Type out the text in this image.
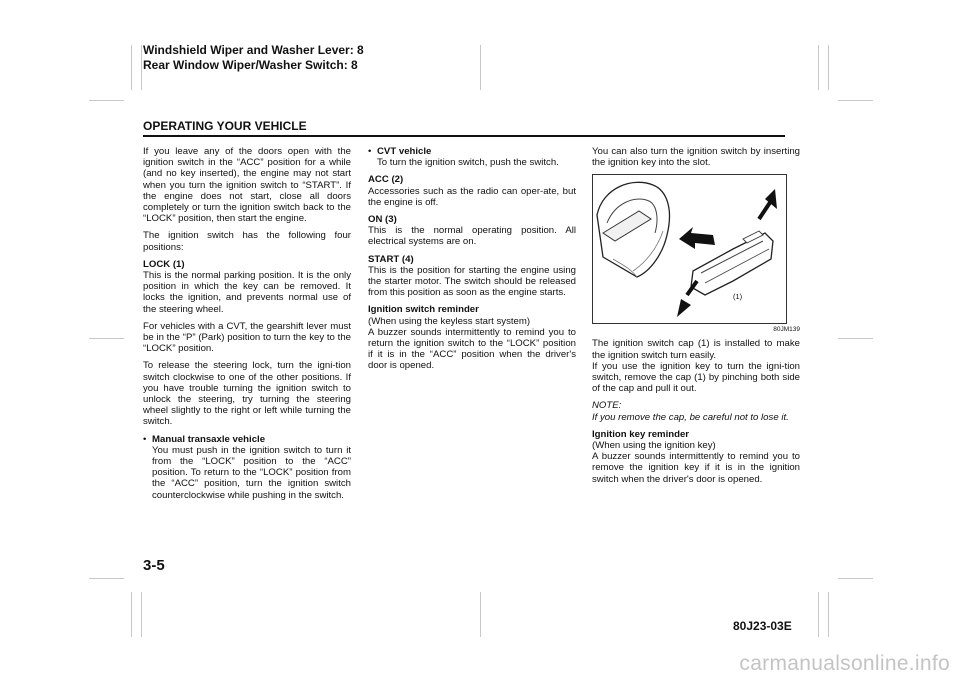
Windshield Wiper and Washer Lever: 8
Rear Window Wiper/Washer Switch: 8
OPERATING YOUR VEHICLE

If you leave any of the doors open with the ignition switch in the “ACC” position for a while (and no key inserted), the engine may not start when you turn the ignition switch to “START”. If the engine does not start, close all doors completely or turn the ignition switch back to the “LOCK” position, then start the engine.

The ignition switch has the following four positions:

LOCK (1)
This is the normal parking position. It is the only position in which the key can be removed. It locks the ignition, and prevents normal use of the steering wheel.

For vehicles with a CVT, the gearshift lever must be in the “P” (Park) position to turn the key to the “LOCK” position.

To release the steering lock, turn the igni-tion switch clockwise to one of the other positions. If you have trouble turning the ignition switch to unlock the steering, try turning the steering wheel slightly to the right or left while turning the switch.

• Manual transaxle vehicle
You must push in the ignition switch to turn it from the “LOCK” position to the “ACC” position. To return to the “LOCK” position from the “ACC” position, turn the ignition switch counterclockwise while pushing in the switch.
• CVT vehicle
To turn the ignition switch, push the switch.

ACC (2)
Accessories such as the radio can oper-ate, but the engine is off.

ON (3)
This is the normal operating position. All electrical systems are on.

START (4)
This is the position for starting the engine using the starter motor. The switch should be released from this position as soon as the engine starts.

Ignition switch reminder
(When using the keyless start system)
A buzzer sounds intermittently to remind you to return the ignition switch to the “LOCK” position if it is in the “ACC” position when the driver's door is opened.

You can also turn the ignition switch by inserting the ignition key into the slot.

(1)
80JM139

The ignition switch cap (1) is installed to make the ignition switch turn easily.
If you use the ignition key to turn the igni-tion switch, remove the cap (1) by pinching both side of the cap and pull it out.

NOTE:
If you remove the cap, be careful not to lose it.

Ignition key reminder
(When using the ignition key)
A buzzer sounds intermittently to remind you to remove the ignition key if it is in the ignition switch when the driver's door is opened.

3-5
80J23-03E
carmanualsonline.info
